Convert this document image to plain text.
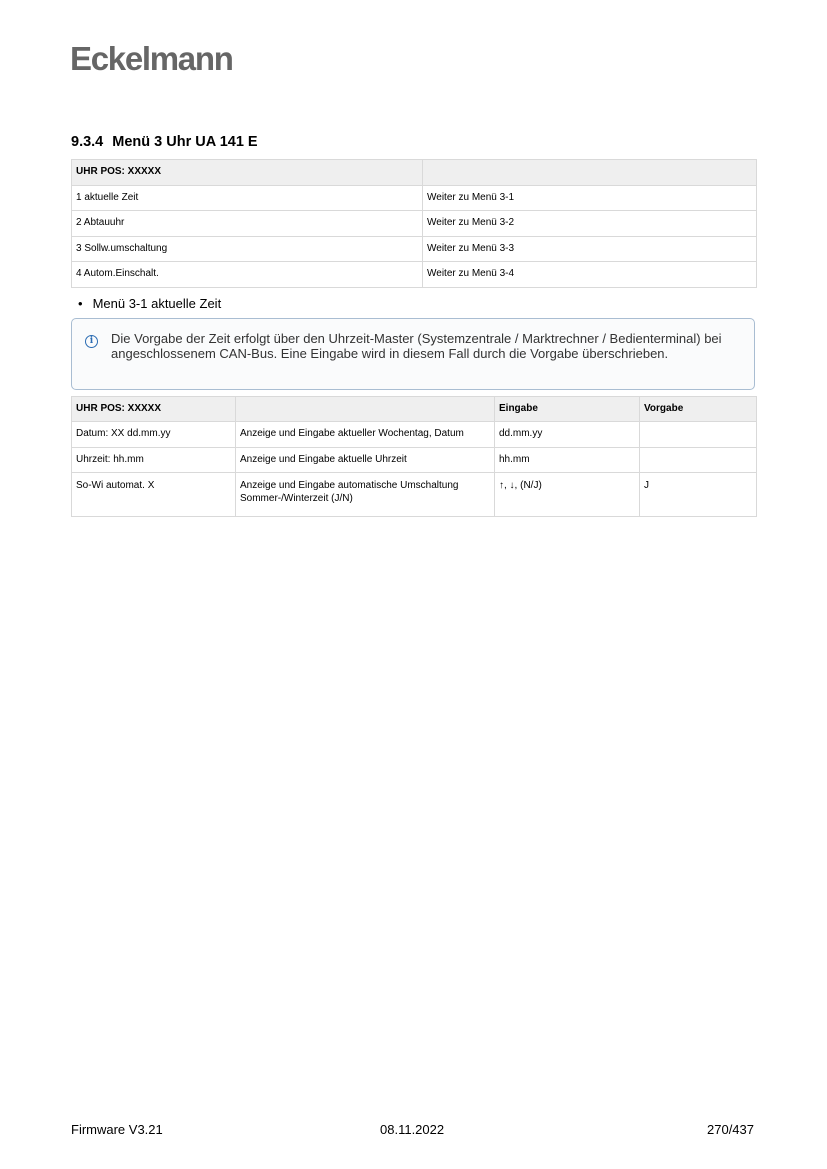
Eckelmann
9.3.4 Menü 3 Uhr UA 141 E
UHR POS: XXXXX	
1 aktuelle Zeit	Weiter zu Menü 3-1
2 Abtauuhr	Weiter zu Menü 3-2
3 Sollw.umschaltung	Weiter zu Menü 3-3
4 Autom.Einschalt.	Weiter zu Menü 3-4
• Menü 3-1 aktuelle Zeit
i	Die Vorgabe der Zeit erfolgt über den Uhrzeit-Master (Systemzentrale / Marktrechner / Bedienterminal) bei angeschlossenem CAN-Bus. Eine Eingabe wird in diesem Fall durch die Vorgabe überschrieben.
UHR POS: XXXXX		Eingabe	Vorgabe
Datum: XX dd.mm.yy	Anzeige und Eingabe aktueller Wochentag, Datum	dd.mm.yy	
Uhrzeit: hh.mm	Anzeige und Eingabe aktuelle Uhrzeit	hh.mm	
So-Wi automat. X	Anzeige und Eingabe automatische Umschaltung Sommer-/Winterzeit (J/N)	↑, ↓, (N/J)	J
Firmware V3.21	08.11.2022	270/437
